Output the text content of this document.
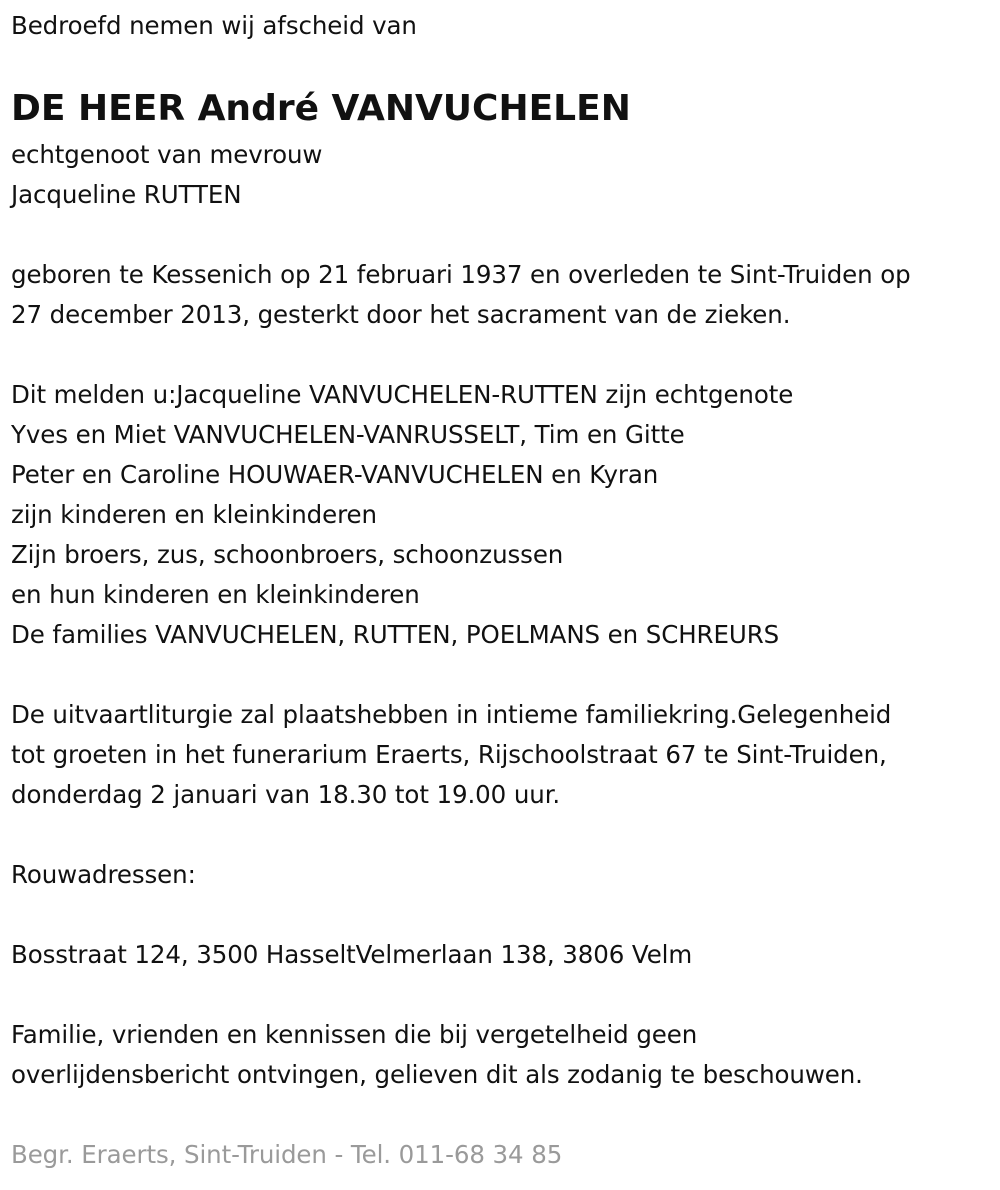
Bedroefd nemen wij afscheid van
DE HEER André VANVUCHELEN
echtgenoot van mevrouw
Jacqueline RUTTEN
geboren te Kessenich op 21 februari 1937 en overleden te Sint-Truiden op
27 december 2013, gesterkt door het sacrament van de zieken.
Dit melden u:Jacqueline VANVUCHELEN-RUTTEN zijn echtgenote
Yves en Miet VANVUCHELEN-VANRUSSELT, Tim en Gitte
Peter en Caroline HOUWAER-VANVUCHELEN en Kyran
zijn kinderen en kleinkinderen
Zijn broers, zus, schoonbroers, schoonzussen
en hun kinderen en kleinkinderen
De families VANVUCHELEN, RUTTEN, POELMANS en SCHREURS
De uitvaartliturgie zal plaatshebben in intieme familiekring.Gelegenheid
tot groeten in het funerarium Eraerts, Rijschoolstraat 67 te Sint-Truiden,
donderdag 2 januari van 18.30 tot 19.00 uur.
Rouwadressen:
Bosstraat 124, 3500 HasseltVelmerlaan 138, 3806 Velm
Familie, vrienden en kennissen die bij vergetelheid geen
overlijdensbericht ontvingen, gelieven dit als zodanig te beschouwen.
Begr. Eraerts, Sint-Truiden - Tel. 011-68 34 85
